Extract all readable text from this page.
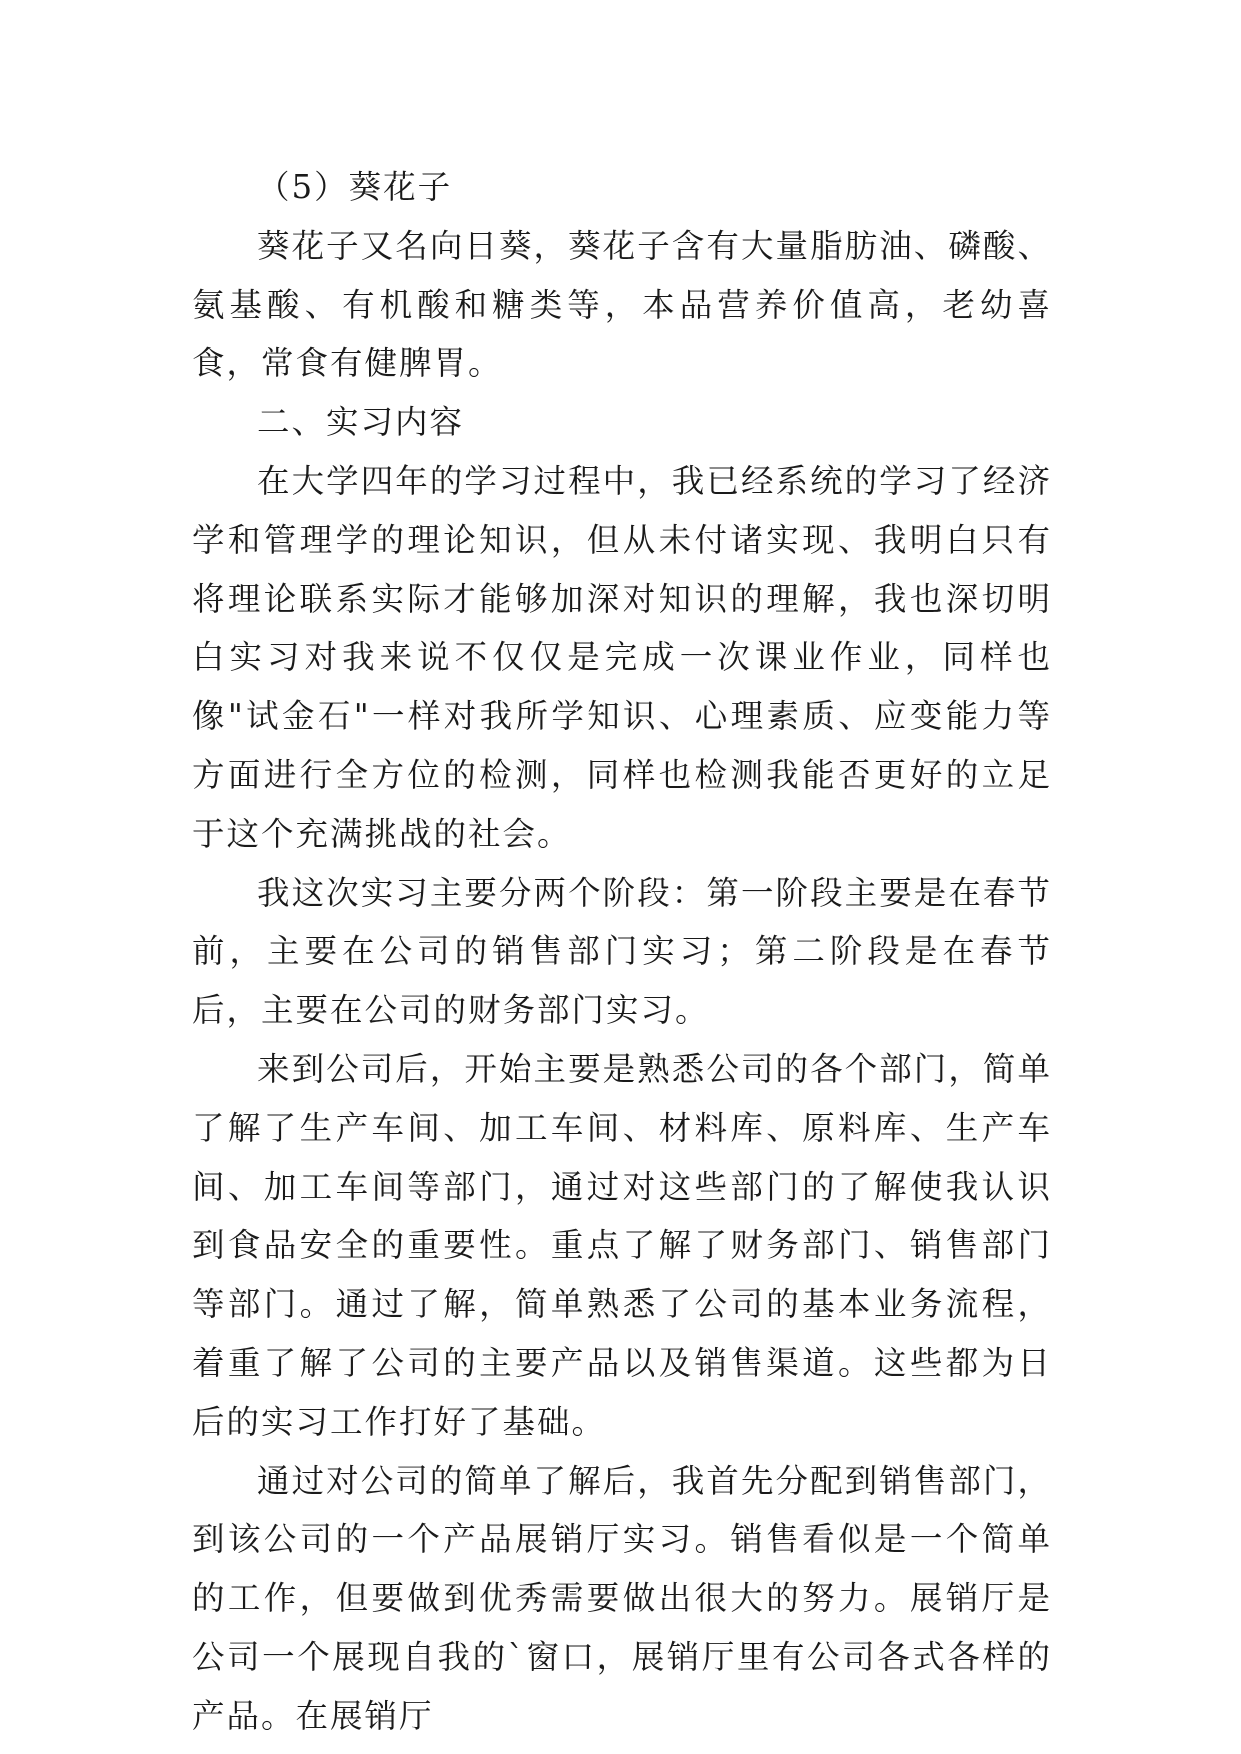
（5）葵花子

葵花子又名向日葵，葵花子含有大量脂肪油、磷酸、氨基酸、有机酸和糖类等，本品营养价值高，老幼喜食，常食有健脾胃。

二、实习内容

在大学四年的学习过程中，我已经系统的学习了经济学和管理学的理论知识，但从未付诸实现、我明白只有将理论联系实际才能够加深对知识的理解，我也深切明白实习对我来说不仅仅是完成一次课业作业，同样也像"试金石"一样对我所学知识、心理素质、应变能力等方面进行全方位的检测，同样也检测我能否更好的立足于这个充满挑战的社会。

我这次实习主要分两个阶段：第一阶段主要是在春节前，主要在公司的销售部门实习；第二阶段是在春节后，主要在公司的财务部门实习。

来到公司后，开始主要是熟悉公司的各个部门，简单了解了生产车间、加工车间、材料库、原料库、生产车间、加工车间等部门，通过对这些部门的了解使我认识到食品安全的重要性。重点了解了财务部门、销售部门等部门。通过了解，简单熟悉了公司的基本业务流程，着重了解了公司的主要产品以及销售渠道。这些都为日后的实习工作打好了基础。

通过对公司的简单了解后，我首先分配到销售部门，到该公司的一个产品展销厅实习。销售看似是一个简单的工作，但要做到优秀需要做出很大的努力。展销厅是公司一个展现自我的`窗口，展销厅里有公司各式各样的产品。在展销厅
